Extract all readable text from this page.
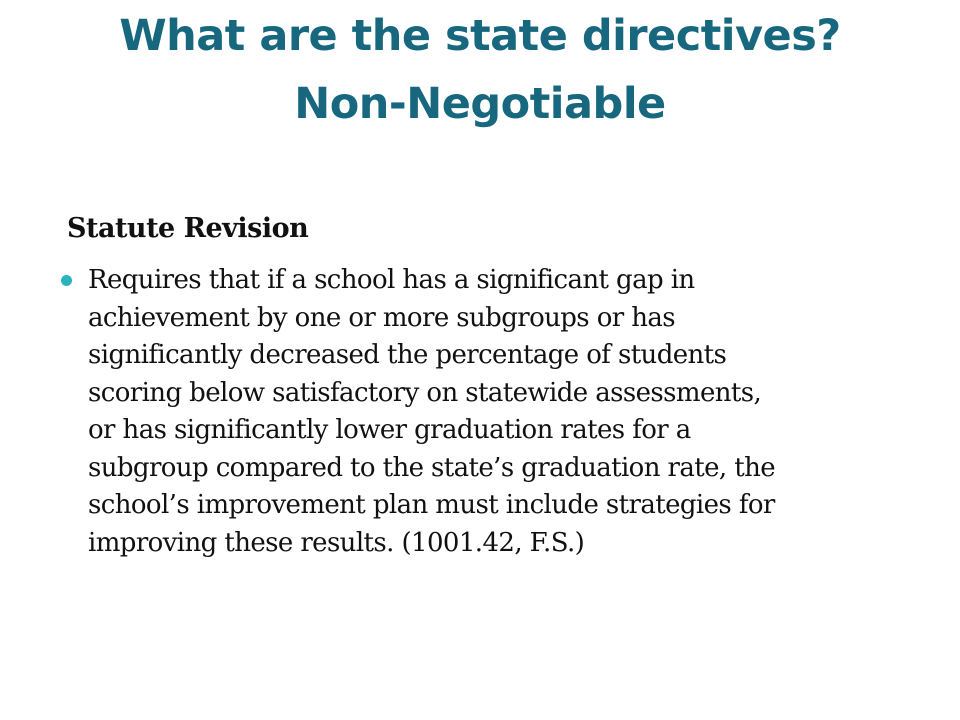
What are the state directives?
Non-Negotiable
Statute Revision
Requires that if a school has a significant gap in
achievement by one or more subgroups or has
significantly decreased the percentage of students
scoring below satisfactory on statewide assessments,
or has significantly lower graduation rates for a
subgroup compared to the state’s graduation rate, the
school’s improvement plan must include strategies for
improving these results. (1001.42, F.S.)
